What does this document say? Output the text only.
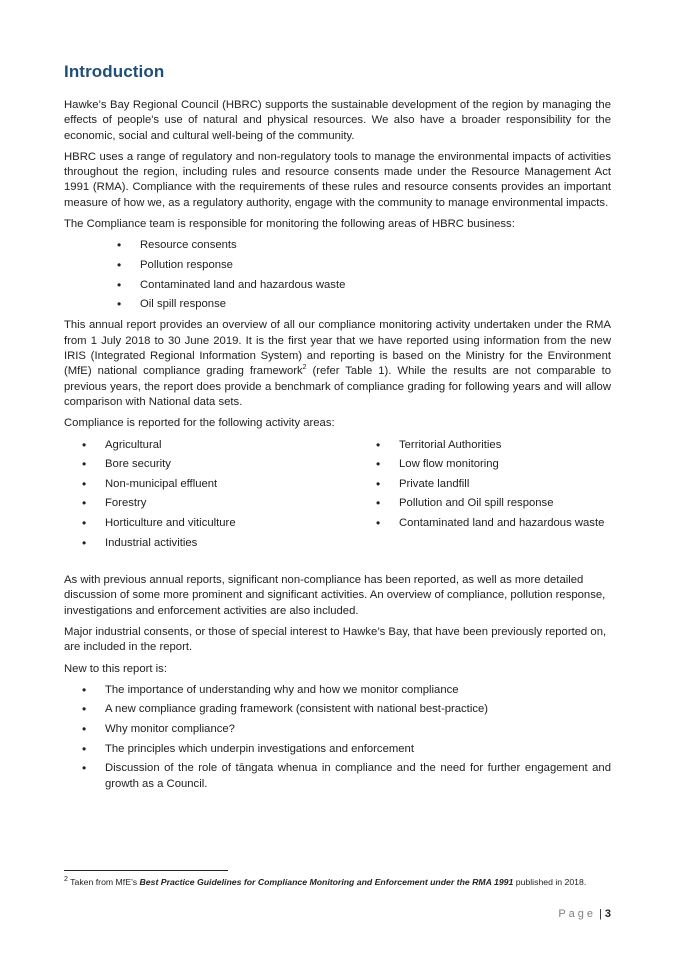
Introduction

Hawke’s Bay Regional Council (HBRC) supports the sustainable development of the region by managing the effects of people's use of natural and physical resources. We also have a broader responsibility for the economic, social and cultural well-being of the community.

HBRC uses a range of regulatory and non-regulatory tools to manage the environmental impacts of activities throughout the region, including rules and resource consents made under the Resource Management Act 1991 (RMA). Compliance with the requirements of these rules and resource consents provides an important measure of how we, as a regulatory authority, engage with the community to manage environmental impacts.

The Compliance team is responsible for monitoring the following areas of HBRC business:

• Resource consents
• Pollution response
• Contaminated land and hazardous waste
• Oil spill response

This annual report provides an overview of all our compliance monitoring activity undertaken under the RMA from 1 July 2018 to 30 June 2019. It is the first year that we have reported using information from the new IRIS (Integrated Regional Information System) and reporting is based on the Ministry for the Environment (MfE) national compliance grading framework$^2$ (refer Table 1). While the results are not comparable to previous years, the report does provide a benchmark of compliance grading for following years and will allow comparison with National data sets.

Compliance is reported for the following activity areas:

• Agricultural
• Bore security
• Non-municipal effluent
• Forestry
• Horticulture and viticulture
• Industrial activities
• Territorial Authorities
• Low flow monitoring
• Private landfill
• Pollution and Oil spill response
• Contaminated land and hazardous waste

As with previous annual reports, significant non-compliance has been reported, as well as more detailed discussion of some more prominent and significant activities. An overview of compliance, pollution response, investigations and enforcement activities are also included.

Major industrial consents, or those of special interest to Hawke’s Bay, that have been previously reported on, are included in the report.

New to this report is:

• The importance of understanding why and how we monitor compliance
• A new compliance grading framework (consistent with national best-practice)
• Why monitor compliance?
• The principles which underpin investigations and enforcement
• Discussion of the role of tāngata whenua in compliance and the need for further engagement and growth as a Council.
$^2$ Taken from MfE’s Best Practice Guidelines for Compliance Monitoring and Enforcement under the RMA 1991 published in 2018.
Page | 3
